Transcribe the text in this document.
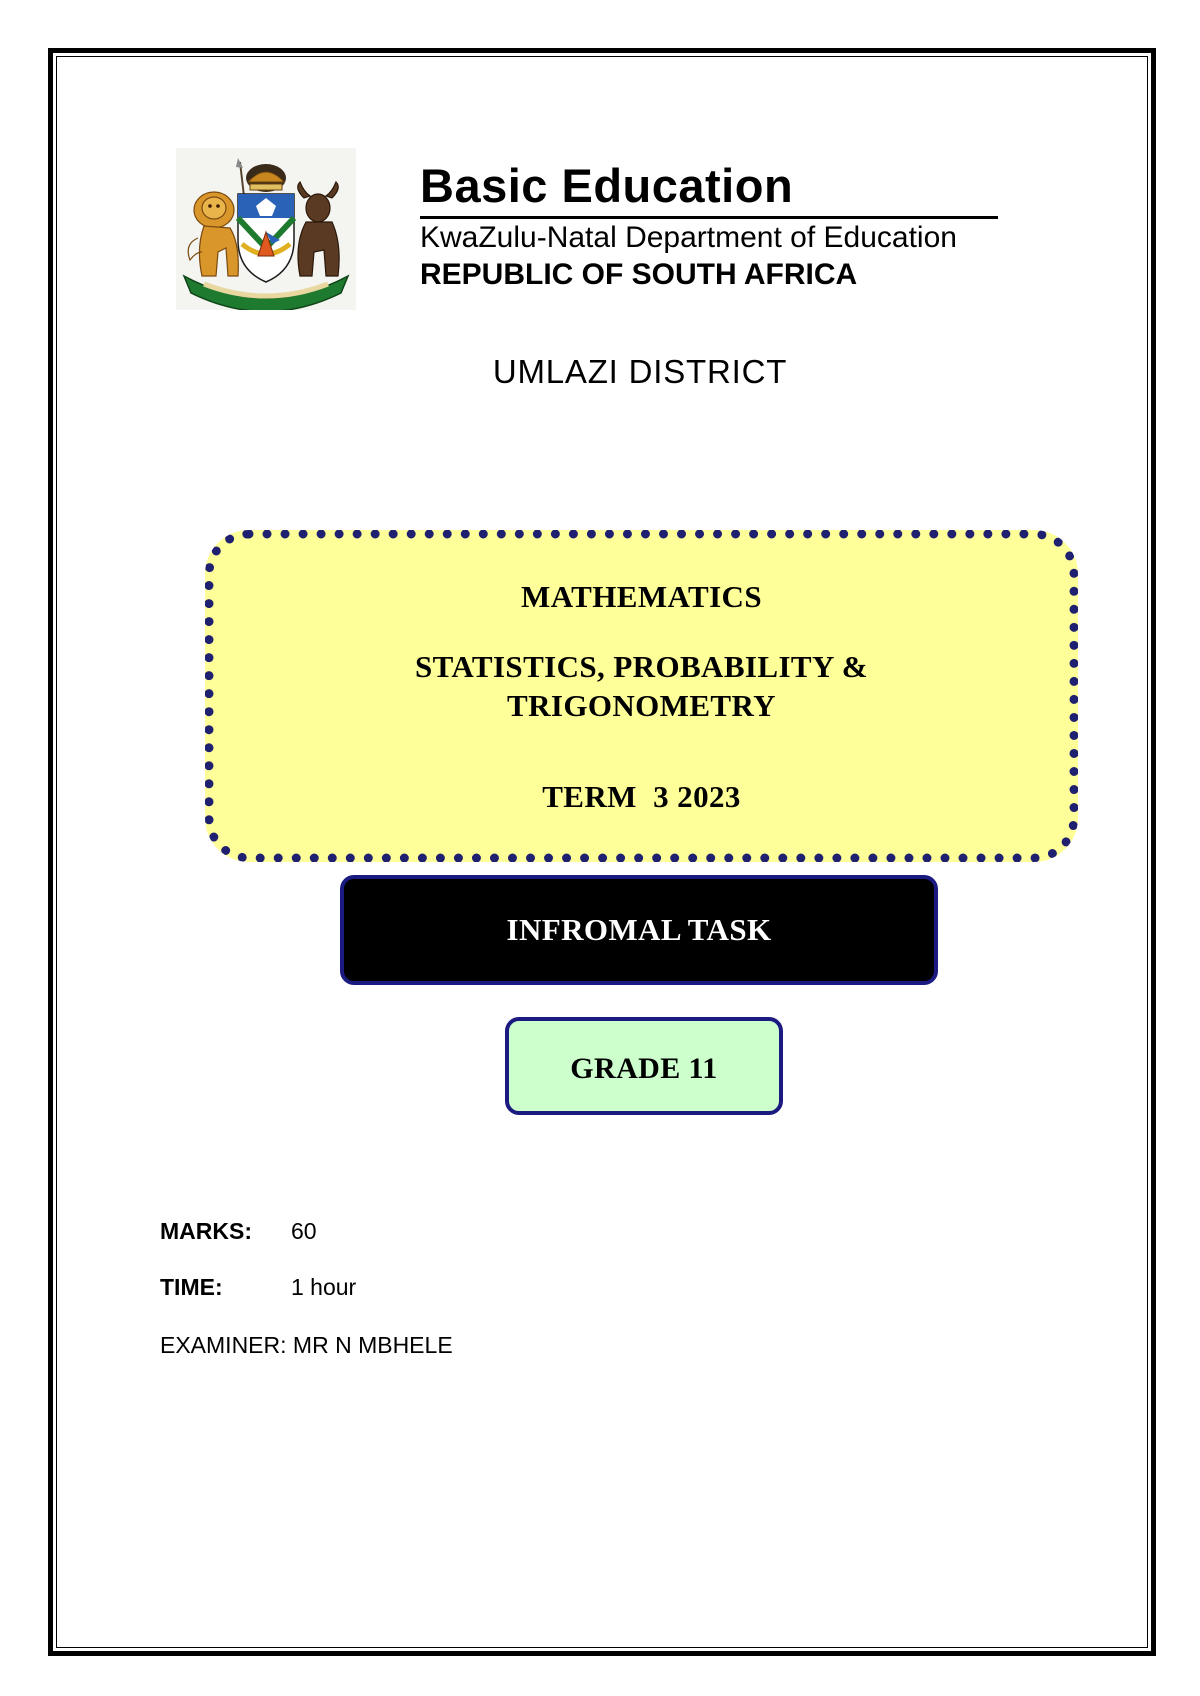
Basic Education
KwaZulu-Natal Department of Education
REPUBLIC OF SOUTH AFRICA
UMLAZI DISTRICT
MATHEMATICS
STATISTICS, PROBABILITY &
TRIGONOMETRY
TERM  3 2023
INFROMAL TASK
GRADE 11
MARKS: 60
TIME:	1 hour
EXAMINER: MR N MBHELE
